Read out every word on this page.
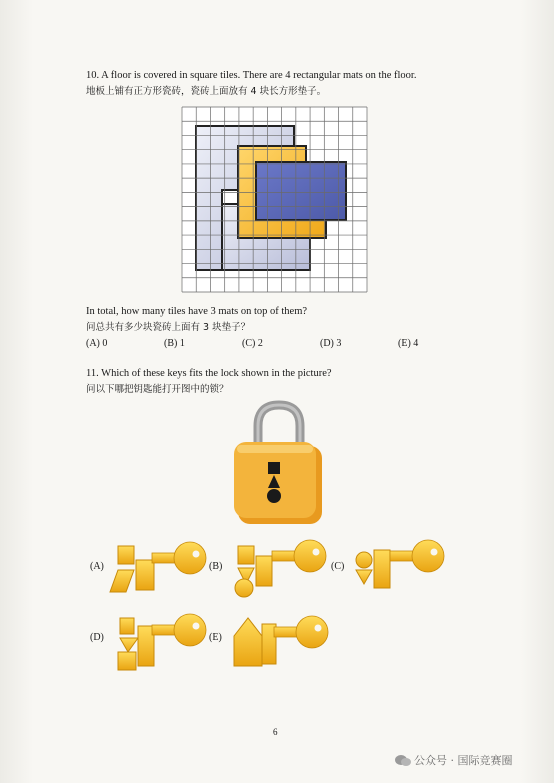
10. A floor is covered in square tiles. There are 4 rectangular mats on the floor.
地板上铺有正方形瓷砖，瓷砖上面放有 4 块长方形垫子。
In total, how many tiles have 3 mats on top of them?
问总共有多少块瓷砖上面有 3 块垫子？
(A) 0	(B) 1	(C) 2	(D) 3	(E) 4
11. Which of these keys fits the lock shown in the picture?
问以下哪把钥匙能打开图中的锁？
(A)	(B)	(C)
(D)	(E)
6
公众号 · 国际竞赛圈
